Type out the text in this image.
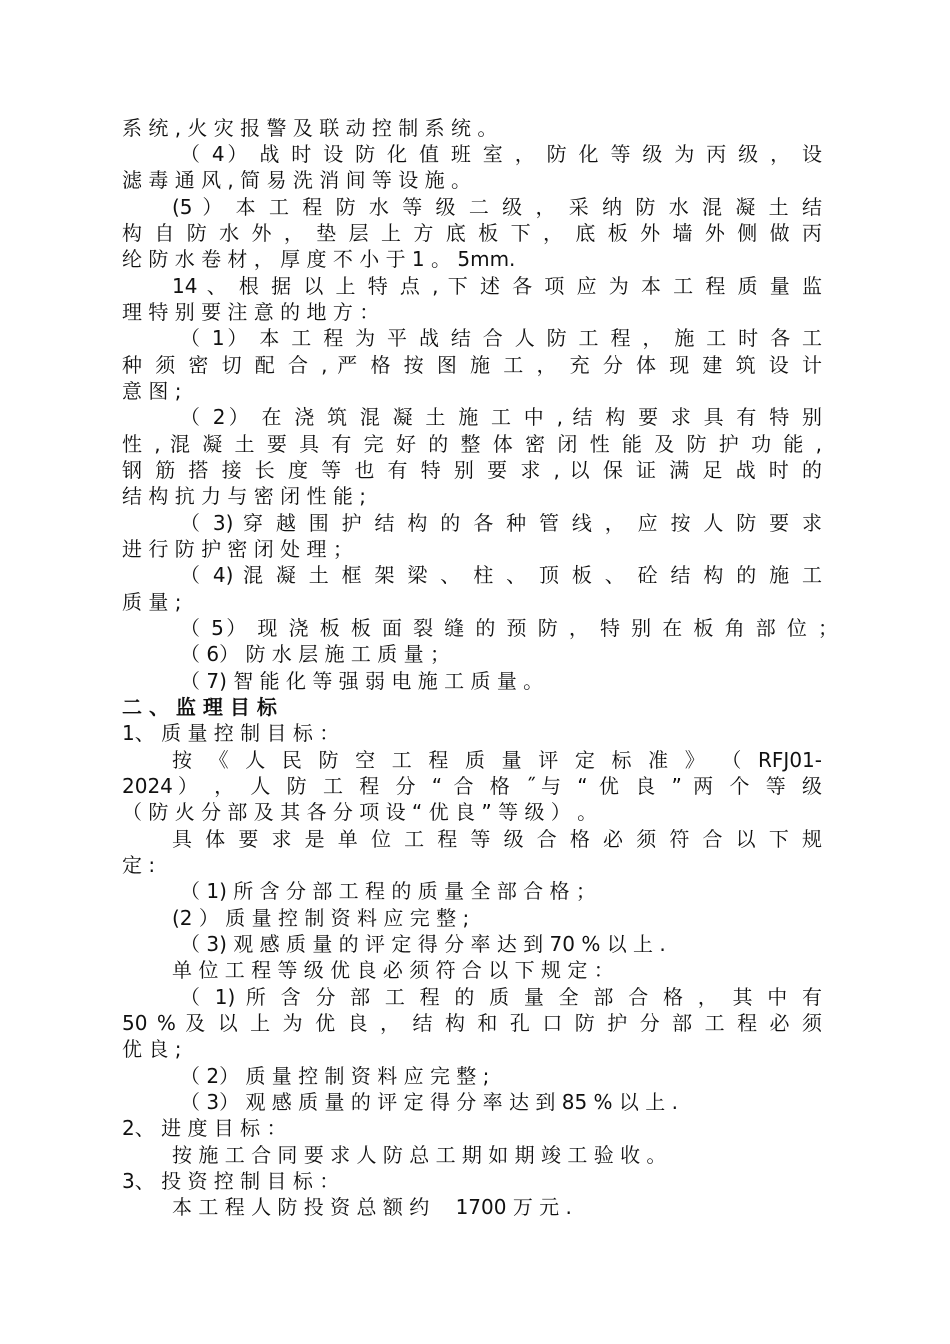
系 统 , 火 灾 报 警 及 联 动 控 制 系 统 。
（ 4） 战 时 设 防 化 值 班 室 ， 防 化 等 级 为 丙 级 ， 设
滤 毒 通 风 , 简 易 洗 消 间 等 设 施 。
(5 ） 本 工 程 防 水 等 级 二 级 ， 采 纳 防 水 混 凝 土 结
构 自 防 水 外 ， 垫 层 上 方 底 板 下 ， 底 板 外 墙 外 侧 做 丙
纶 防 水 卷 材 ， 厚 度 不 小 于 1 。 5mm.
14 、 根 据 以 上 特 点 , 下 述 各 项 应 为 本 工 程 质 量 监
理 特 别 要 注 意 的 地 方 ：
（ 1） 本 工 程 为 平 战 结 合 人 防 工 程 ， 施 工 时 各 工
种 须 密 切 配 合 , 严 格 按 图 施 工 ， 充 分 体 现 建 筑 设 计
意 图 ;
（ 2） 在 浇 筑 混 凝 土 施 工 中 , 结 构 要 求 具 有 特 别
性 , 混 凝 土 要 具 有 完 好 的 整 体 密 闭 性 能 及 防 护 功 能 ,
钢 筋 搭 接 长 度 等 也 有 特 别 要 求 , 以 保 证 满 足 战 时 的
结 构 抗 力 与 密 闭 性 能 ;
（ 3) 穿 越 围 护 结 构 的 各 种 管 线 ， 应 按 人 防 要 求
进 行 防 护 密 闭 处 理 ；
（ 4) 混 凝 土 框 架 梁 、 柱 、 顶 板 、 砼 结 构 的 施 工
质 量 ;
（ 5） 现 浇 板 板 面 裂 缝 的 预 防 ， 特 别 在 板 角 部 位 ；
（ 6） 防 水 层 施 工 质 量 ；
（ 7) 智 能 化 等 强 弱 电 施 工 质 量 。
二 、 监 理 目 标
1、 质 量 控 制 目 标 ：
按 《 人 民 防 空 工 程 质 量 评 定 标 准 》 （ RFJ01-
2024） ， 人 防 工 程 分 “ 合 格 ˝与 “ 优 良 ” 两 个 等 级
（ 防 火 分 部 及 其 各 分 项 设 “ 优 良 ” 等 级 ） 。
具 体 要 求 是 单 位 工 程 等 级 合 格 必 须 符 合 以 下 规
定 :
（ 1) 所 含 分 部 工 程 的 质 量 全 部 合 格 ；
(2 ） 质 量 控 制 资 料 应 完 整 ;
（ 3) 观 感 质 量 的 评 定 得 分 率 达 到 70 % 以 上 .
单 位 工 程 等 级 优 良 必 须 符 合 以 下 规 定 ：
（ 1) 所 含 分 部 工 程 的 质 量 全 部 合 格 ， 其 中 有
50 % 及 以 上 为 优 良 ， 结 构 和 孔 口 防 护 分 部 工 程 必 须
优 良 ;
（ 2） 质 量 控 制 资 料 应 完 整 ;
（ 3） 观 感 质 量 的 评 定 得 分 率 达 到 85 % 以 上 .
2、 进 度 目 标 ：
按 施 工 合 同 要 求 人 防 总 工 期 如 期 竣 工 验 收 。
3、 投 资 控 制 目 标 ：
本 工 程 人 防 投 资 总 额 约 　1700 万 元 .
